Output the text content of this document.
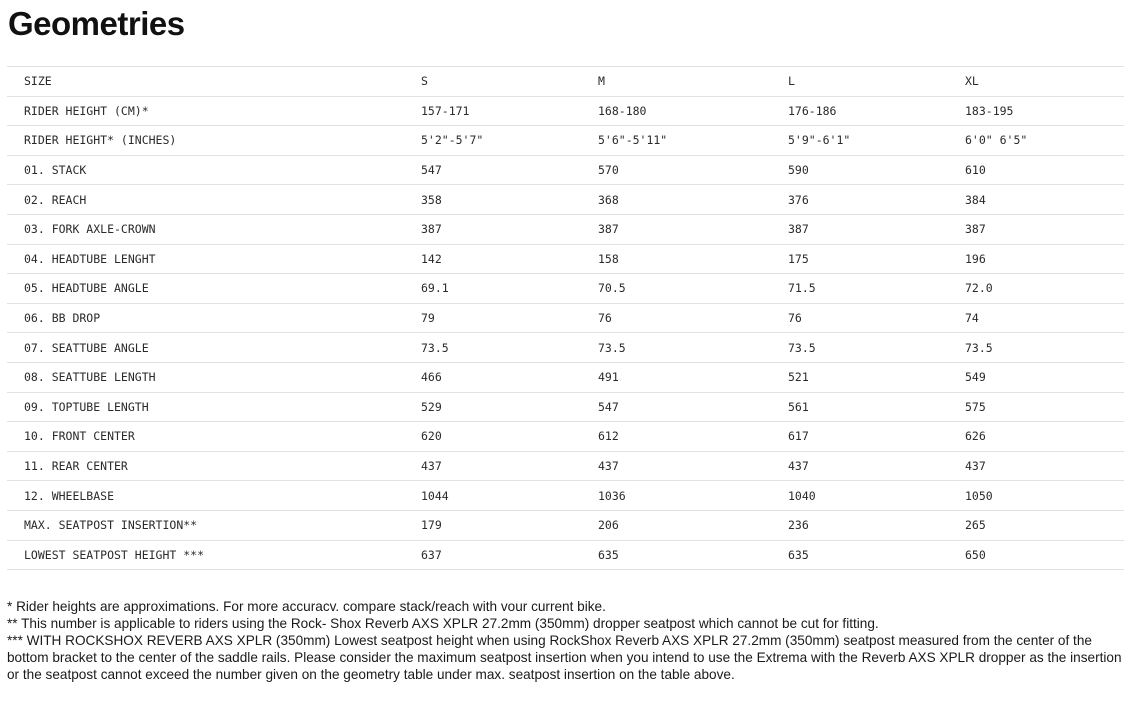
Geometries
SIZE	S	M	L	XL
RIDER HEIGHT (CM)*	157-171	168-180	176-186	183-195
RIDER HEIGHT* (INCHES)	5'2"-5'7"	5'6"-5'11"	5'9"-6'1"	6'0" 6'5"
01. STACK	547	570	590	610
02. REACH	358	368	376	384
03. FORK AXLE-CROWN	387	387	387	387
04. HEADTUBE LENGHT	142	158	175	196
05. HEADTUBE ANGLE	69.1	70.5	71.5	72.0
06. BB DROP	79	76	76	74
07. SEATTUBE ANGLE	73.5	73.5	73.5	73.5
08. SEATTUBE LENGTH	466	491	521	549
09. TOPTUBE LENGTH	529	547	561	575
10. FRONT CENTER	620	612	617	626
11. REAR CENTER	437	437	437	437
12. WHEELBASE	1044	1036	1040	1050
MAX. SEATPOST INSERTION**	179	206	236	265
LOWEST SEATPOST HEIGHT ***	637	635	635	650

* Rider heights are approximations. For more accuracv. compare stack/reach with vour current bike.

** This number is applicable to riders using the Rock- Shox Reverb AXS XPLR 27.2mm (350mm) dropper seatpost which cannot be cut for fitting.

*** WITH ROCKSHOX REVERB AXS XPLR (350mm) Lowest seatpost height when using RockShox Reverb AXS XPLR 27.2mm (350mm) seatpost measured from the center of the bottom bracket to the center of the saddle rails. Please consider the maximum seatpost insertion when you intend to use the Extrema with the Reverb AXS XPLR dropper as the insertion or the seatpost cannot exceed the number given on the geometry table under max. seatpost insertion on the table above.
